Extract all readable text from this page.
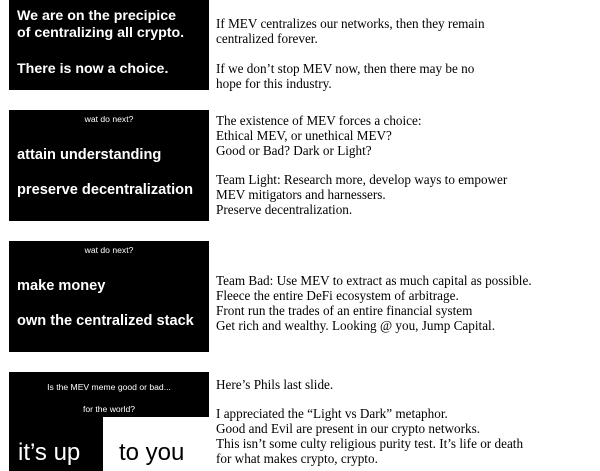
We are on the precipice
of centralizing all crypto.
There is now a choice.
wat do next?
attain understanding
preserve decentralization
wat do next?
make money
own the centralized stack
Is the MEV meme good or bad...
for the world?
it’s up to you

If MEV centralizes our networks, then they remain

centralized forever.

If we don’t stop MEV now, then there may be no

hope for this industry.

The existence of MEV forces a choice:

Ethical MEV, or unethical MEV?

Good or Bad? Dark or Light?

Team Light: Research more, develop ways to empower

MEV mitigators and harnessers.

Preserve decentralization.

Team Bad: Use MEV to extract as much capital as possible.

Fleece the entire DeFi ecosystem of arbitrage.

Front run the trades of an entire financial system

Get rich and wealthy. Looking @ you, Jump Capital.

Here’s Phils last slide.

I appreciated the “Light vs Dark” metaphor.

Good and Evil are present in our crypto networks.

This isn’t some culty religious purity test. It’s life or death

for what makes crypto, crypto.
